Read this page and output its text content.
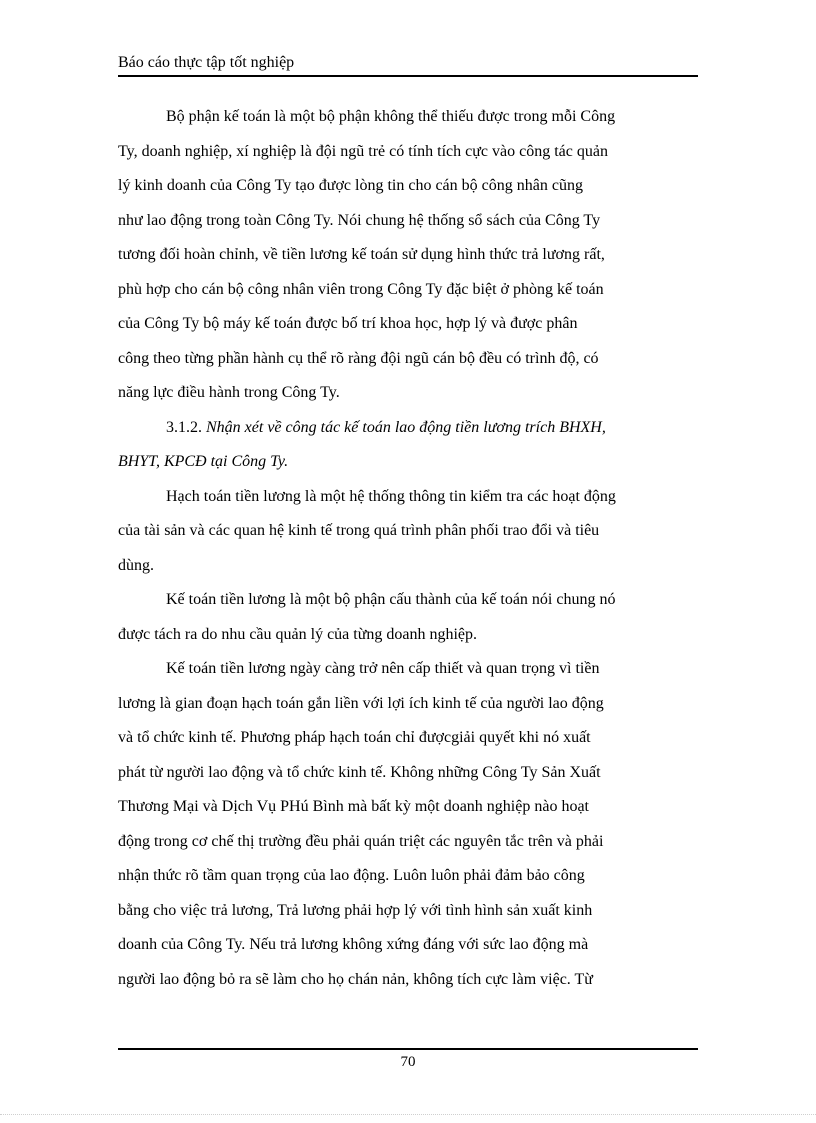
Báo cáo thực tập tốt nghiệp
Bộ phận kế toán là một bộ phận không thể thiếu được trong mỗi Công
Ty, doanh nghiệp, xí nghiệp là đội ngũ trẻ có tính tích cực vào công tác quản
lý kinh doanh của Công Ty tạo được lòng tin cho cán bộ công nhân cũng
như lao động trong toàn Công Ty. Nói chung hệ thống sổ sách của Công Ty
tương đối hoàn chỉnh, về tiền lương kế toán sử dụng hình thức trả lương rất,
phù hợp cho cán bộ công nhân viên trong Công Ty đặc biệt ở phòng kế toán
của Công Ty bộ máy kế toán được bố trí khoa học, hợp lý và được phân
công theo từng phần hành cụ thể rõ ràng đội ngũ cán bộ đều có trình độ, có
năng lực điều hành trong Công Ty.
3.1.2. Nhận xét về công tác kế toán lao động tiền lương trích BHXH,
BHYT, KPCĐ tại Công Ty.
Hạch toán tiền lương là một hệ thống thông tin kiểm tra các hoạt động
của tài sản và các quan hệ kinh tế trong quá trình phân phối trao đổi và tiêu
dùng.
Kế toán tiền lương là một bộ phận cấu thành của kế toán nói chung nó
được tách ra do nhu cầu quản lý của từng doanh nghiệp.
Kế toán tiền lương ngày càng trở nên cấp thiết và quan trọng vì tiền
lương là gian đoạn hạch toán gắn liền với lợi ích kinh tế của người lao động
và tổ chức kinh tế. Phương pháp hạch toán chỉ đượcgiải quyết khi nó xuất
phát từ người lao động và tổ chức kinh tế. Không những Công Ty Sản Xuất
Thương Mại và Dịch Vụ PHú Bình mà bất kỳ một doanh nghiệp nào hoạt
động trong cơ chế thị trường đều phải quán triệt các nguyên tắc trên và phải
nhận thức rõ tầm quan trọng của lao động. Luôn luôn phải đảm bảo công
bằng cho việc trả lương, Trả lương phải hợp lý với tình hình sản xuất kinh
doanh của Công Ty. Nếu trả lương không xứng đáng với sức lao động mà
người lao động bỏ ra sẽ làm cho họ chán nản, không tích cực làm việc. Từ
70
